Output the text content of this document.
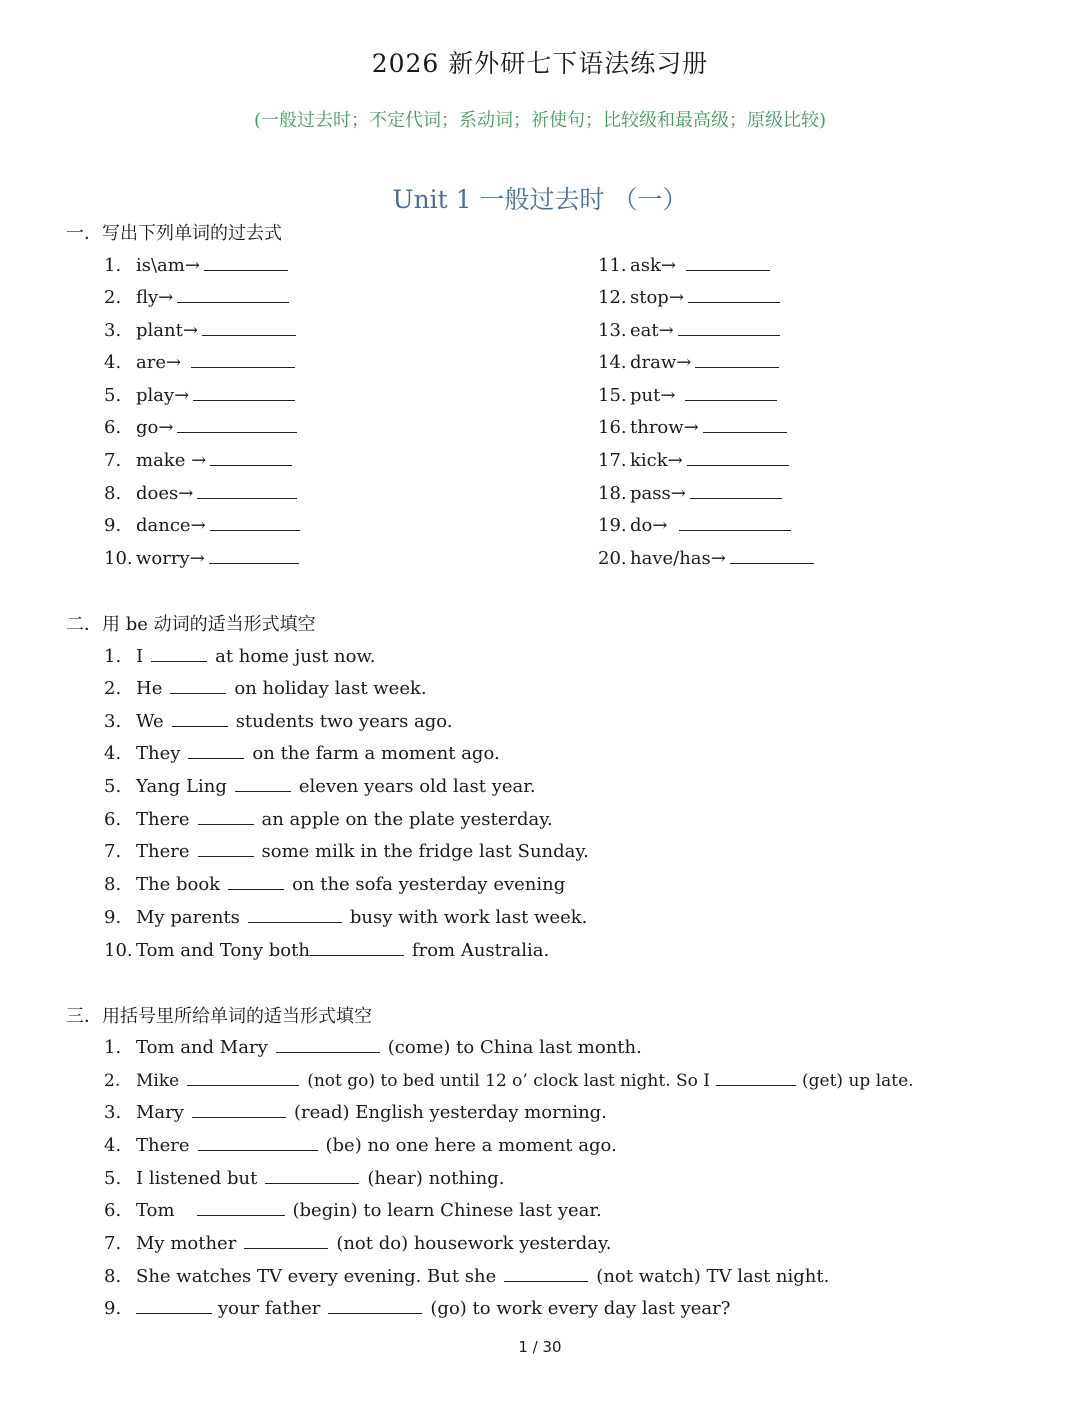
2026 新外研七下语法练习册
(一般过去时；不定代词；系动词；祈使句；比较级和最高级；原级比较)
Unit 1 一般过去时 （一）
一．写出下列单词的过去式
1. is\am→
2. fly→
3. plant→
4. are→
5. play→
6. go→
7. make →
8. does→
9. dance→
10. worry→
11. ask→
12. stop→
13. eat→
14. draw→
15. put→
16. throw→
17. kick→
18. pass→
19. do→
20. have/has→
二．用 be 动词的适当形式填空
1. I	at home just now.
2. He	on holiday last week.
3. We	students two years ago.
4. They	on the farm a moment ago.
5. Yang Ling	eleven years old last year.
6. There	an apple on the plate yesterday.
7. There	some milk in the fridge last Sunday.
8. The book	on the sofa yesterday evening
9. My parents	busy with work last week.
10. Tom and Tony both	from Australia.
三．用括号里所给单词的适当形式填空
1. Tom and Mary	(come) to China last month.
2. Mike	(not go) to bed until 12 o’ clock last night. So I	(get) up late.
3. Mary	(read) English yesterday morning.
4. There	(be) no one here a moment ago.
5. I listened but	(hear) nothing.
6. Tom	(begin) to learn Chinese last year.
7. My mother	(not do) housework yesterday.
8. She watches TV every evening. But she	(not watch) TV last night.
9.	your father	(go) to work every day last year?
1 / 30
